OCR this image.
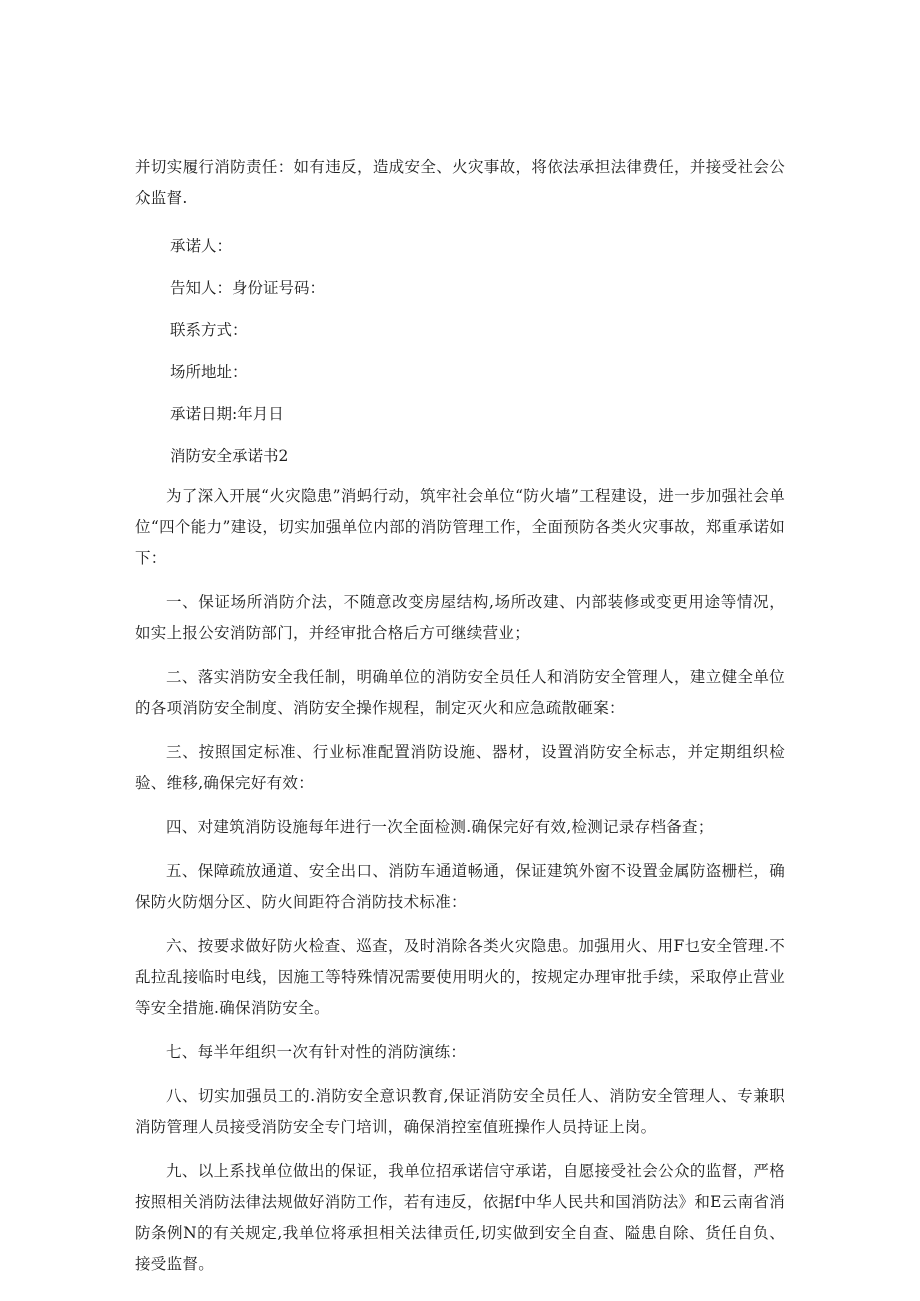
并切实履行消防责任：如有违反，造成安全、火灾事故，将依法承担法律费任，并接受社会公众监督.

承诺人：
告知人：身份证号码：
联系方式：
场所地址：
承诺日期:年月日
消防安全承诺书2

为了深入开展“火灾隐患”消蚂行动，筑牢社会单位“防火墙”工程建设，进一步加强社会单位“四个能力”建设，切实加强单位内部的消防管理工作，全面预防各类火灾事故，郑重承诺如下：

一、保证场所消防介法，不随意改变房屋结构,场所改建、内部装修或变更用途等情况，如实上报公安消防部门，并经审批合格后方可继续营业；

二、落实消防安全我任制，明确单位的消防安全员任人和消防安全管理人，建立健全单位的各项消防安全制度、消防安全操作规程，制定灭火和应急疏散砸案：

三、按照国定标准、行业标准配置消防设施、器材，设置消防安全标志，并定期组织检验、维移,确保完好有效：

四、对建筑消防设施每年进行一次全面检测.确保完好有效,检测记录存档备查；

五、保障疏放通道、安全出口、消防车通道畅通，保证建筑外窗不设置金属防盗栅栏，确保防火防烟分区、防火间距符合消防技术标准：

六、按要求做好防火检查、巡查，及时消除各类火灾隐患。加强用火、用F乜安全管理.不乱拉乱接临时电线，因施工等特殊情况需要使用明火的，按规定办理审批手续，采取停止营业等安全措施.确保消防安全。

七、每半年组织一次有针对性的消防演练：

八、切实加强员工的.消防安全意识教育,保证消防安全员任人、消防安全管理人、专兼职消防管理人员接受消防安全专门培训，确保消控室值班操作人员持证上岗。

九、以上系找单位做出的保证，我单位招承诺信守承诺，自愿接受社会公众的监督，严格按照相关消防法律法规做好消防工作，若有违反，依据f中华人民共和国消防法》和E云南省消防条例N的有关规定,我单位将承担相关法律贡任,切实做到安全自查、隘患自除、货任自负、接受监督。
